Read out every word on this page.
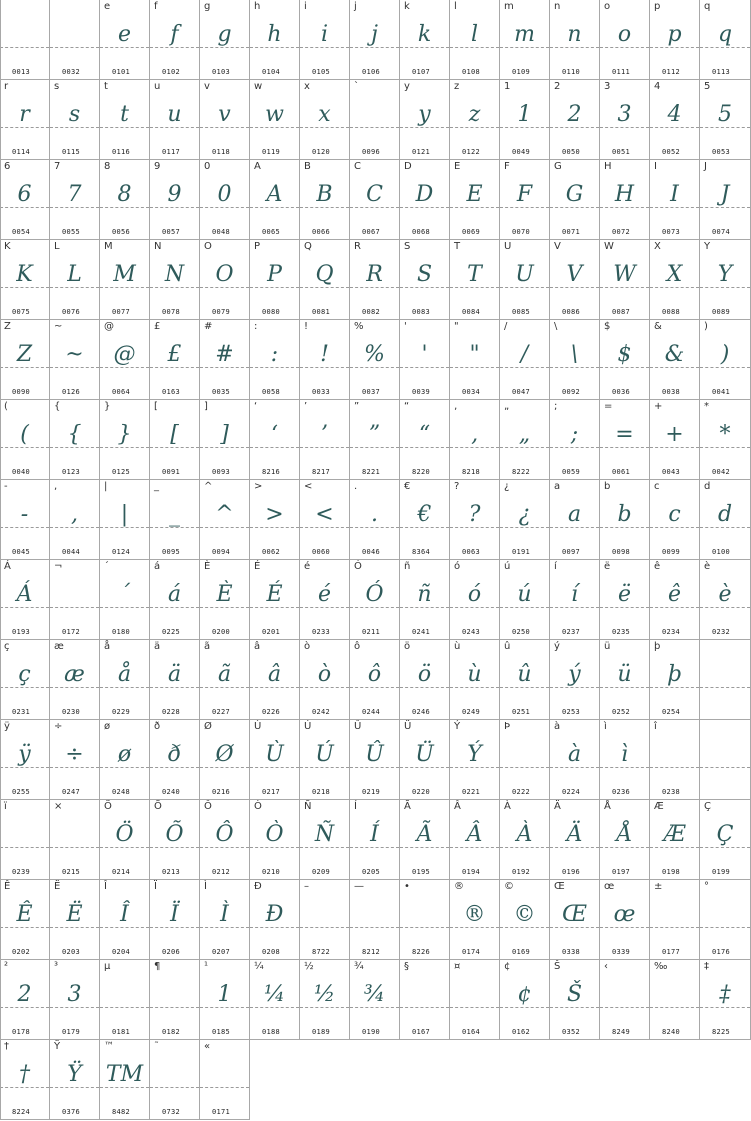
0013	0032
e
e
0101
f
f
0102
g
g
0103
h
h
0104
i
i
0105
j
j
0106
k
k
0107
l
l
0108
m
m
0109
n
n
0110
o
o
0111
p
p
0112
q
q
0113
r
r
0114
s
s
0115
t
t
0116
u
u
0117
v
v
0118
w
w
0119
x
x
0120
`
0096
y
y
0121
z
z
0122
1
1
0049
2
2
0050
3
3
0051
4
4
0052
5
5
0053
6
6
0054
7
7
0055
8
8
0056
9
9
0057
0
0
0048
A
A
0065
B
B
0066
C
C
0067
D
D
0068
E
E
0069
F
F
0070
G
G
0071
H
H
0072
I
I
0073
J
J
0074
K
K
0075
L
L
0076
M
M
0077
N
N
0078
O
O
0079
P
P
0080
Q
Q
0081
R
R
0082
S
S
0083
T
T
0084
U
U
0085
V
V
0086
W
W
0087
X
X
0088
Y
Y
0089
Z
Z
0090
~
~
0126
@
@
0064
£
£
0163
#
#
0035
:
:
0058
!
!
0033
%
%
0037
'
'
0039
"
"
0034
/
/
0047
\
\
0092
$
$
0036
&
&
0038
)
)
0041
(
(
0040
{
{
0123
}
}
0125
[
[
0091
]
]
0093
‘
‘
8216
’
’
8217
”
”
8221
“
“
8220
‚
‚
8218
„
„
8222
;
;
0059
=
=
0061
+
+
0043
*
*
0042
-
-
0045
,
,
0044
|
|
0124
_
_
0095
^
^
0094
>
>
0062
<
<
0060
.
.
0046
€
€
8364
?
?
0063
¿
¿
0191
a
a
0097
b
b
0098
c
c
0099
d
d
0100
Á
Á
0193
¬
0172
´
´
0180
á
á
0225
È
È
0200
É
É
0201
é
é
0233
Ó
Ó
0211
ñ
ñ
0241
ó
ó
0243
ú
ú
0250
í
í
0237
ë
ë
0235
ê
ê
0234
è
è
0232
ç
ç
0231
æ
æ
0230
å
å
0229
ä
ä
0228
ã
ã
0227
â
â
0226
ò
ò
0242
ô
ô
0244
ö
ö
0246
ù
ù
0249
û
û
0251
ý
ý
0253
ü
ü
0252
þ
þ
0254
ÿ
ÿ
0255
÷
÷
0247
ø
ø
0248
ð
ð
0240
Ø
Ø
0216
Ù
Ù
0217
Ú
Ú
0218
Û
Û
0219
Ü
Ü
0220
Ý
Ý
0221
Þ
0222
à
à
0224
ì
ì
0236
î
0238
ï
0239
×
0215
Ö
Ö
0214
Õ
Õ
0213
Ô
Ô
0212
Ò
Ò
0210
Ñ
Ñ
0209
Í
Í
0205
Ã
Ã
0195
Â
Â
0194
À
À
0192
Ä
Ä
0196
Å
Å
0197
Æ
Æ
0198
Ç
Ç
0199
Ê
Ê
0202
Ë
Ë
0203
Î
Î
0204
Ï
Ï
0206
Ì
Ì
0207
Ð
Ð
0208
–
8722
—
8212
•
8226
®
®
0174
©
©
0169
Œ
Œ
0338
œ
œ
0339
±
0177
°
0176
²
2
0178
³
3
0179
µ
0181
¶
0182
¹
1
0185
¼
¼
0188
½
½
0189
¾
¾
0190
§
0167
¤
0164
¢
¢
0162
Š
Š
0352
‹
8249
‰
8240
‡
‡
8225
†
†
8224
Ÿ
Ÿ
0376
™
TM
8482
˜
0732
«
0171
